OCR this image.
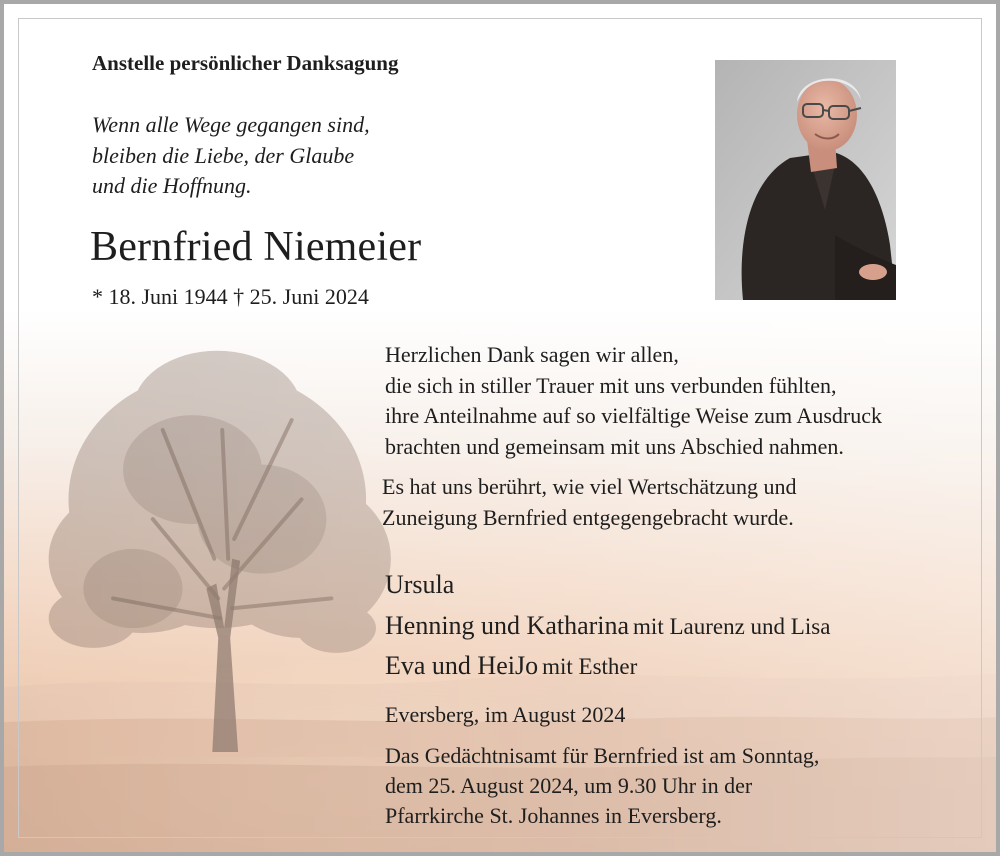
Anstelle persönlicher Danksagung
Wenn alle Wege gegangen sind,
bleiben die Liebe, der Glaube
und die Hoffnung.
Bernfried Niemeier
* 18. Juni 1944 † 25. Juni 2024
Herzlichen Dank sagen wir allen,
die sich in stiller Trauer mit uns verbunden fühlten,
ihre Anteilnahme auf so vielfältige Weise zum Ausdruck
brachten und gemeinsam mit uns Abschied nahmen.
Es hat uns berührt, wie viel Wertschätzung und
Zuneigung Bernfried entgegengebracht wurde.
Ursula
Henning und Katharina mit Laurenz und Lisa
Eva und HeiJo mit Esther
Eversberg, im August 2024
Das Gedächtnisamt für Bernfried ist am Sonntag,
dem 25. August 2024, um 9.30 Uhr in der
Pfarrkirche St. Johannes in Eversberg.
